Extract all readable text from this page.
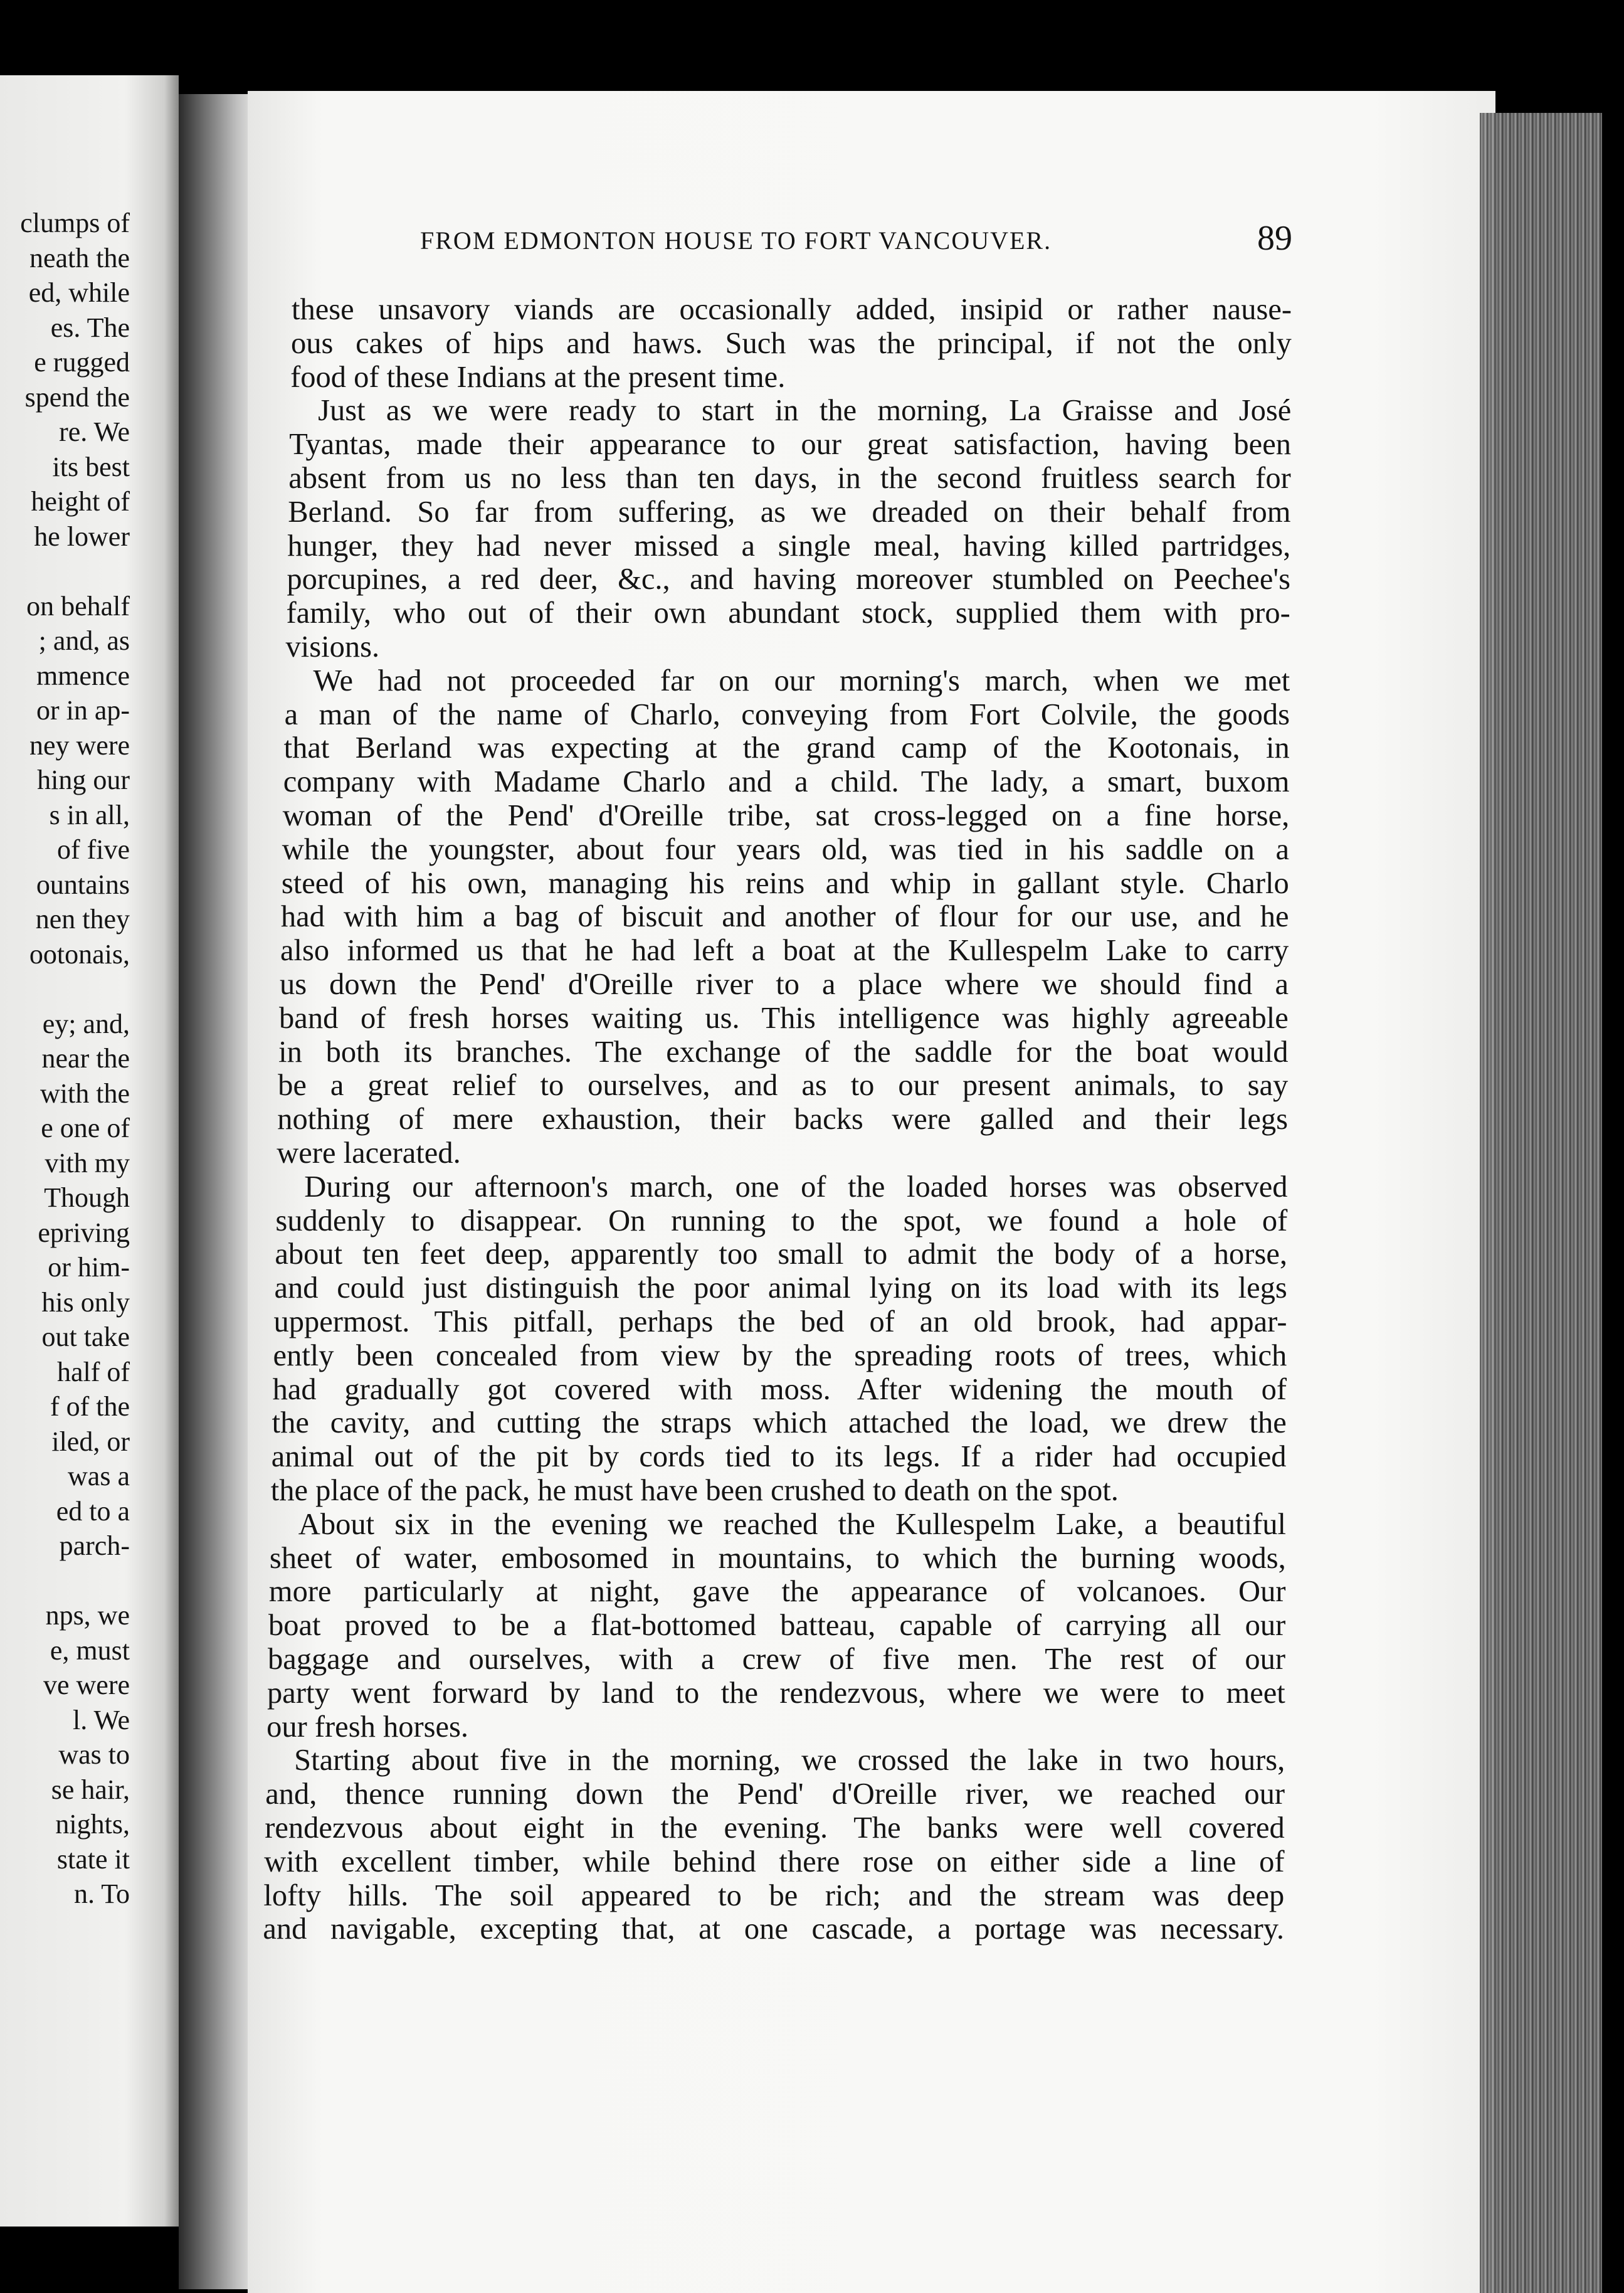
clumps of
neath the
ed, while
es. The
e rugged
spend the
re. We
its best
height of
he lower
on behalf
; and, as
mmence
or in ap-
ney were
hing our
s in all,
of five
ountains
nen they
ootonais,
ey; and,
near the
with the
e one of
vith my
Though
epriving
or him-
his only
out take
half of
f of the
iled, or
was a
ed to a
parch-
nps, we
e, must
ve were
l. We
was to
se hair,
nights,
state it
n. To
FROM EDMONTON HOUSE TO FORT VANCOUVER.	89
these unsavory viands are occasionally added, insipid or rather nause-
ous cakes of hips and haws. Such was the principal, if not the only
food of these Indians at the present time.
Just as we were ready to start in the morning, La Graisse and José
Tyantas, made their appearance to our great satisfaction, having been
absent from us no less than ten days, in the second fruitless search for
Berland. So far from suffering, as we dreaded on their behalf from
hunger, they had never missed a single meal, having killed partridges,
porcupines, a red deer, &c., and having moreover stumbled on Peechee's
family, who out of their own abundant stock, supplied them with pro-
visions.
We had not proceeded far on our morning's march, when we met
a man of the name of Charlo, conveying from Fort Colvile, the goods
that Berland was expecting at the grand camp of the Kootonais, in
company with Madame Charlo and a child. The lady, a smart, buxom
woman of the Pend' d'Oreille tribe, sat cross-legged on a fine horse,
while the youngster, about four years old, was tied in his saddle on a
steed of his own, managing his reins and whip in gallant style. Charlo
had with him a bag of biscuit and another of flour for our use, and he
also informed us that he had left a boat at the Kullespelm Lake to carry
us down the Pend' d'Oreille river to a place where we should find a
band of fresh horses waiting us. This intelligence was highly agreeable
in both its branches. The exchange of the saddle for the boat would
be a great relief to ourselves, and as to our present animals, to say
nothing of mere exhaustion, their backs were galled and their legs
were lacerated.
During our afternoon's march, one of the loaded horses was observed
suddenly to disappear. On running to the spot, we found a hole of
about ten feet deep, apparently too small to admit the body of a horse,
and could just distinguish the poor animal lying on its load with its legs
uppermost. This pitfall, perhaps the bed of an old brook, had appar-
ently been concealed from view by the spreading roots of trees, which
had gradually got covered with moss. After widening the mouth of
the cavity, and cutting the straps which attached the load, we drew the
animal out of the pit by cords tied to its legs. If a rider had occupied
the place of the pack, he must have been crushed to death on the spot.
About six in the evening we reached the Kullespelm Lake, a beautiful
sheet of water, embosomed in mountains, to which the burning woods,
more particularly at night, gave the appearance of volcanoes. Our
boat proved to be a flat-bottomed batteau, capable of carrying all our
baggage and ourselves, with a crew of five men. The rest of our
party went forward by land to the rendezvous, where we were to meet
our fresh horses.
Starting about five in the morning, we crossed the lake in two hours,
and, thence running down the Pend' d'Oreille river, we reached our
rendezvous about eight in the evening. The banks were well covered
with excellent timber, while behind there rose on either side a line of
lofty hills. The soil appeared to be rich; and the stream was deep
and navigable, excepting that, at one cascade, a portage was necessary.
